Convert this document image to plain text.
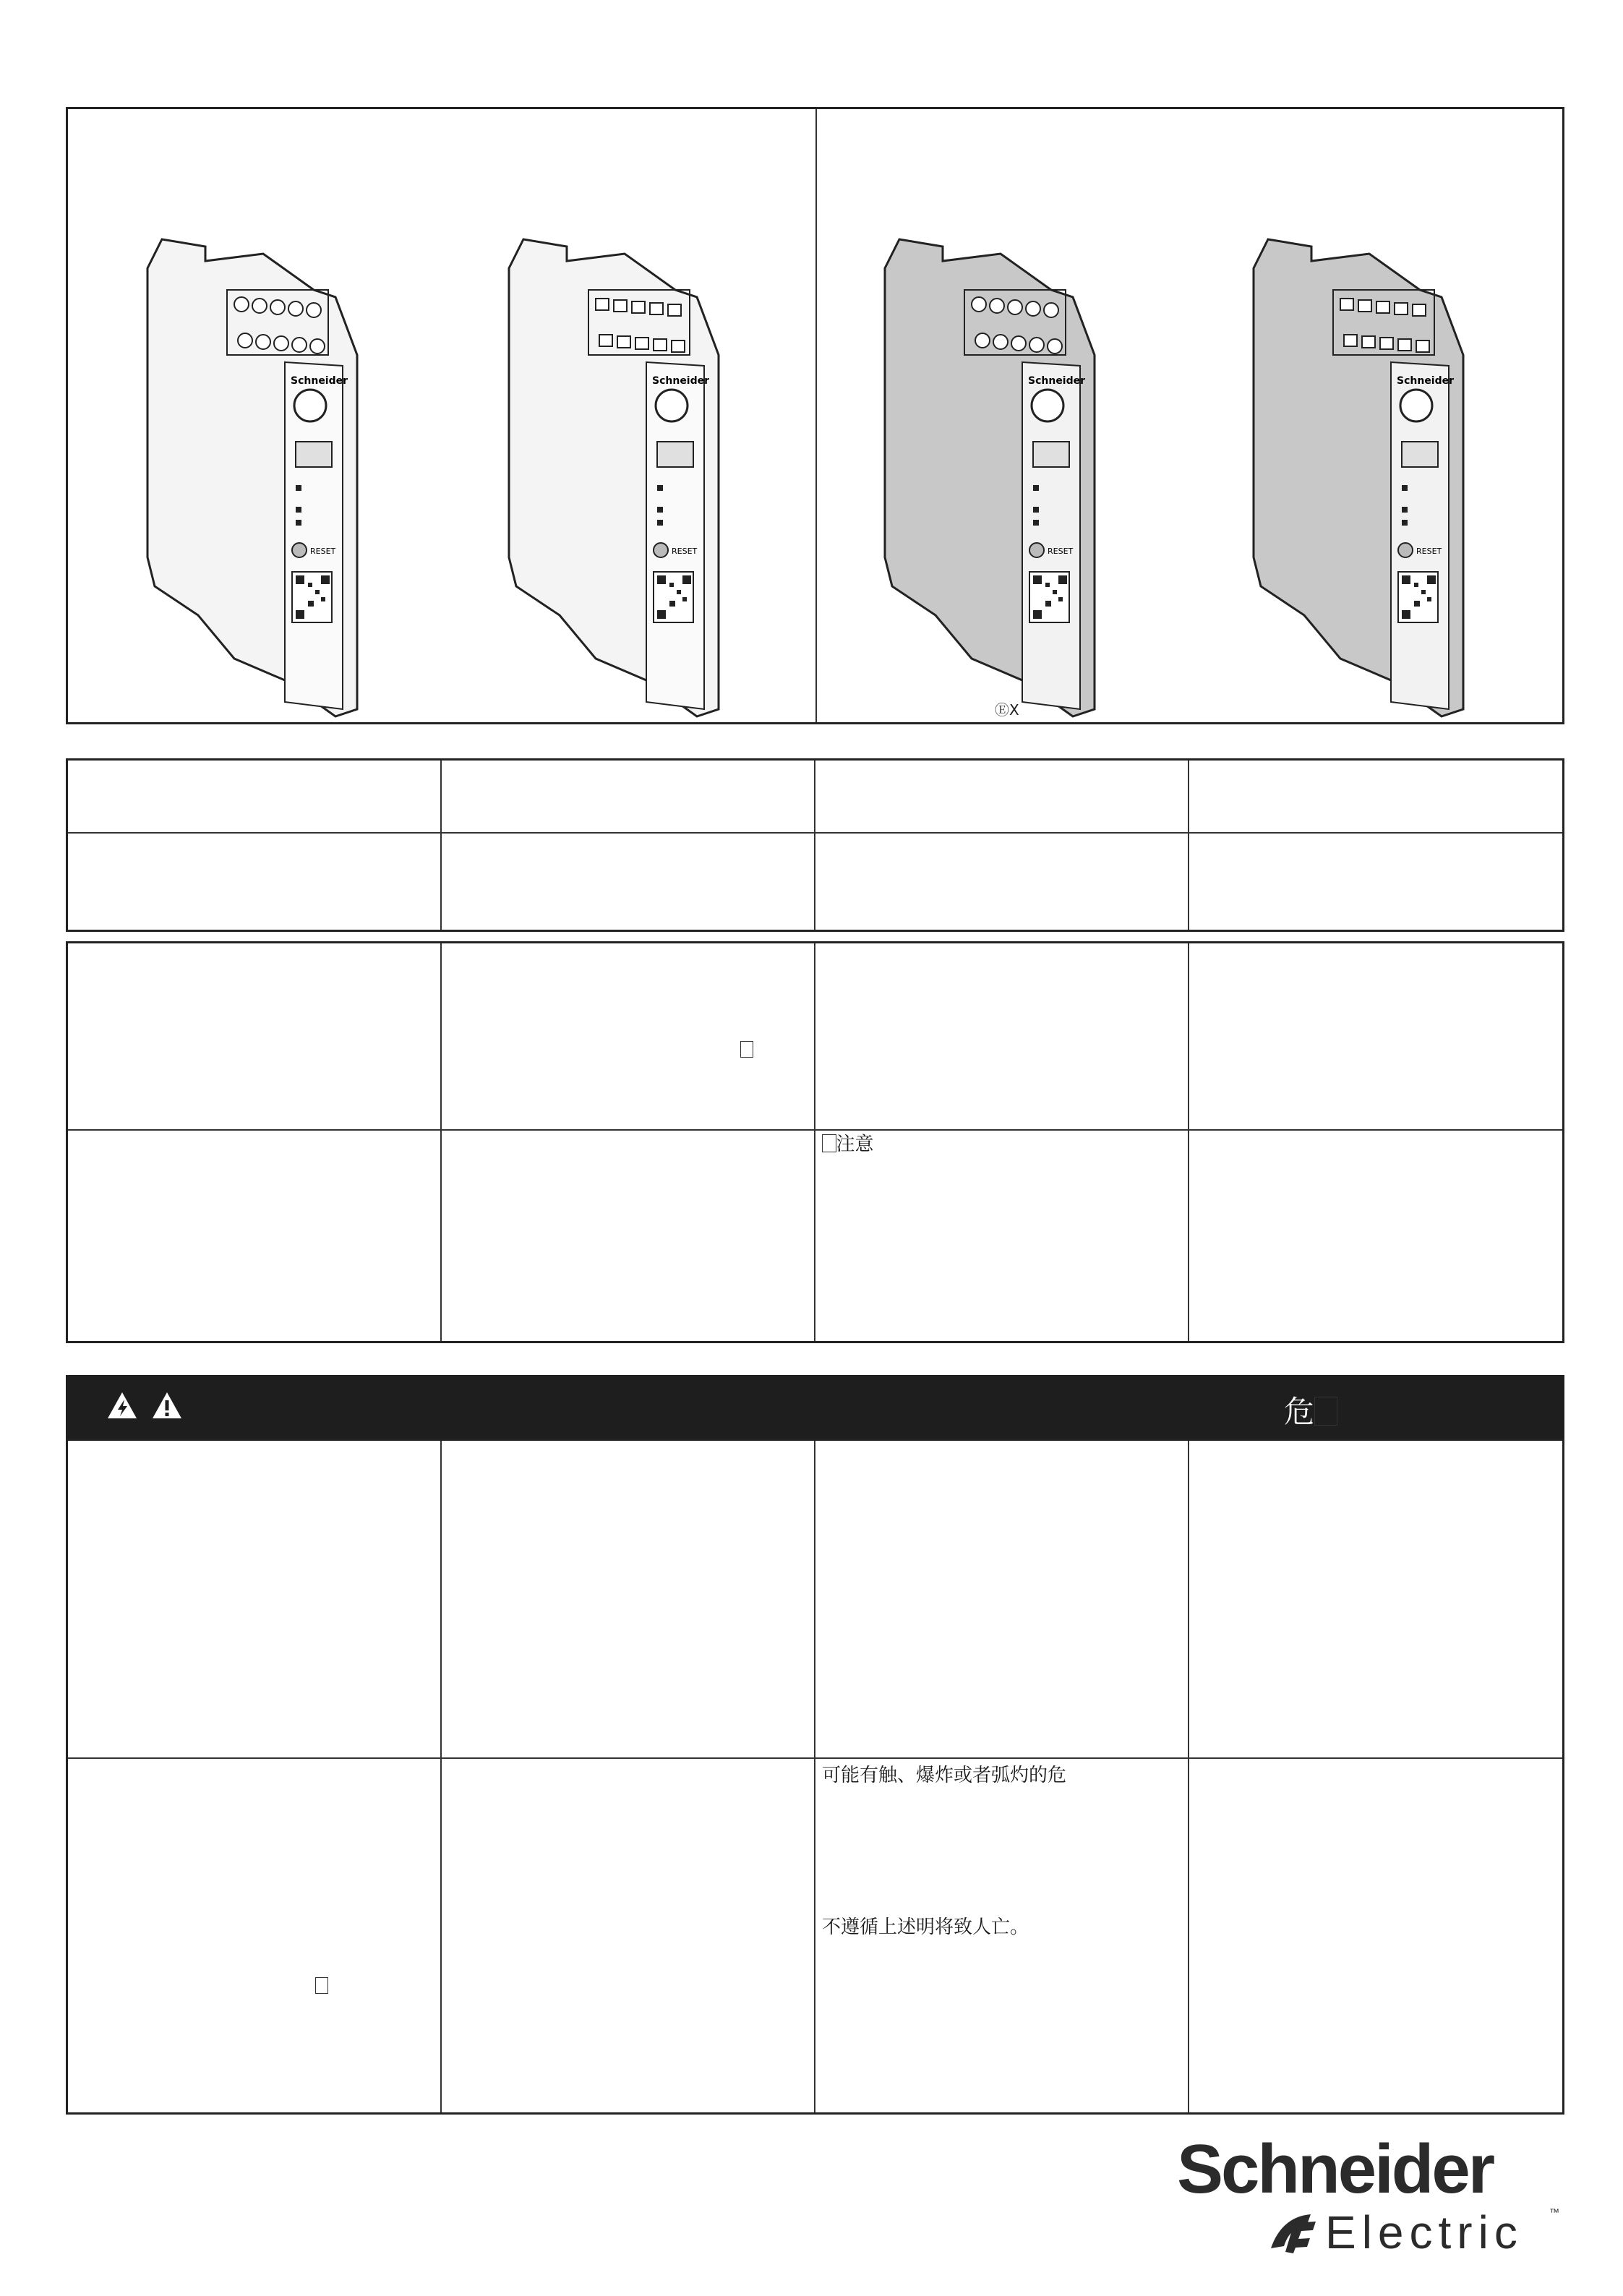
Schneider
RESET
Schneider
RESET
Schneider
RESET
Schneider
RESET
ⒺX
注意
危
可能有触、爆炸或者弧灼的危
不遵循上述明将致人亡。
Schneider
Electric	™
